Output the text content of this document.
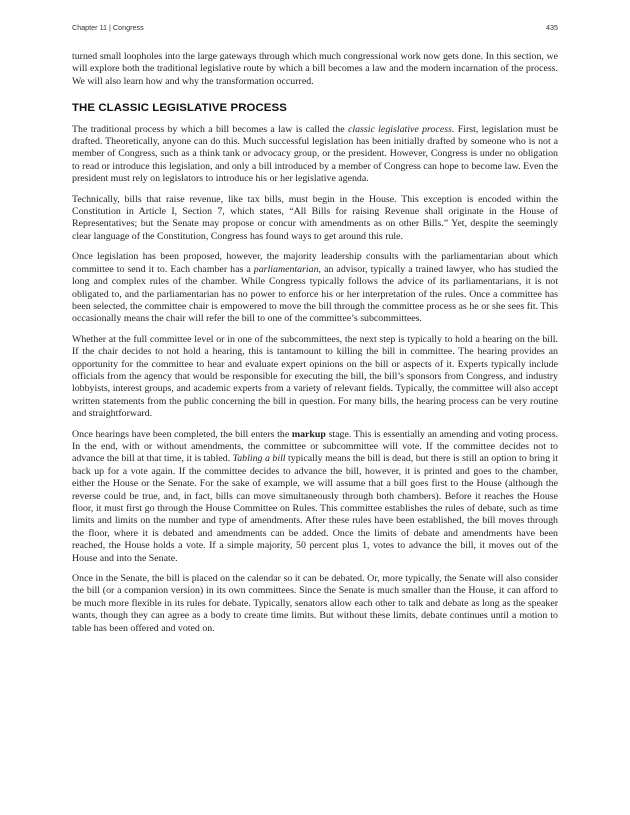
Chapter 11 | Congress	435

turned small loopholes into the large gateways through which much congressional work now gets done. In this section, we will explore both the traditional legislative route by which a bill becomes a law and the modern incarnation of the process. We will also learn how and why the transformation occurred.

THE CLASSIC LEGISLATIVE PROCESS

The traditional process by which a bill becomes a law is called the classic legislative process. First, legislation must be drafted. Theoretically, anyone can do this. Much successful legislation has been initially drafted by someone who is not a member of Congress, such as a think tank or advocacy group, or the president. However, Congress is under no obligation to read or introduce this legislation, and only a bill introduced by a member of Congress can hope to become law. Even the president must rely on legislators to introduce his or her legislative agenda.

Technically, bills that raise revenue, like tax bills, must begin in the House. This exception is encoded within the Constitution in Article I, Section 7, which states, “All Bills for raising Revenue shall originate in the House of Representatives; but the Senate may propose or concur with amendments as on other Bills.” Yet, despite the seemingly clear language of the Constitution, Congress has found ways to get around this rule.

Once legislation has been proposed, however, the majority leadership consults with the parliamentarian about which committee to send it to. Each chamber has a parliamentarian, an advisor, typically a trained lawyer, who has studied the long and complex rules of the chamber. While Congress typically follows the advice of its parliamentarians, it is not obligated to, and the parliamentarian has no power to enforce his or her interpretation of the rules. Once a committee has been selected, the committee chair is empowered to move the bill through the committee process as he or she sees fit. This occasionally means the chair will refer the bill to one of the committee’s subcommittees.

Whether at the full committee level or in one of the subcommittees, the next step is typically to hold a hearing on the bill. If the chair decides to not hold a hearing, this is tantamount to killing the bill in committee. The hearing provides an opportunity for the committee to hear and evaluate expert opinions on the bill or aspects of it. Experts typically include officials from the agency that would be responsible for executing the bill, the bill’s sponsors from Congress, and industry lobbyists, interest groups, and academic experts from a variety of relevant fields. Typically, the committee will also accept written statements from the public concerning the bill in question. For many bills, the hearing process can be very routine and straightforward.

Once hearings have been completed, the bill enters the markup stage. This is essentially an amending and voting process. In the end, with or without amendments, the committee or subcommittee will vote. If the committee decides not to advance the bill at that time, it is tabled. Tabling a bill typically means the bill is dead, but there is still an option to bring it back up for a vote again. If the committee decides to advance the bill, however, it is printed and goes to the chamber, either the House or the Senate. For the sake of example, we will assume that a bill goes first to the House (although the reverse could be true, and, in fact, bills can move simultaneously through both chambers). Before it reaches the House floor, it must first go through the House Committee on Rules. This committee establishes the rules of debate, such as time limits and limits on the number and type of amendments. After these rules have been established, the bill moves through the floor, where it is debated and amendments can be added. Once the limits of debate and amendments have been reached, the House holds a vote. If a simple majority, 50 percent plus 1, votes to advance the bill, it moves out of the House and into the Senate.

Once in the Senate, the bill is placed on the calendar so it can be debated. Or, more typically, the Senate will also consider the bill (or a companion version) in its own committees. Since the Senate is much smaller than the House, it can afford to be much more flexible in its rules for debate. Typically, senators allow each other to talk and debate as long as the speaker wants, though they can agree as a body to create time limits. But without these limits, debate continues until a motion to table has been offered and voted on.
